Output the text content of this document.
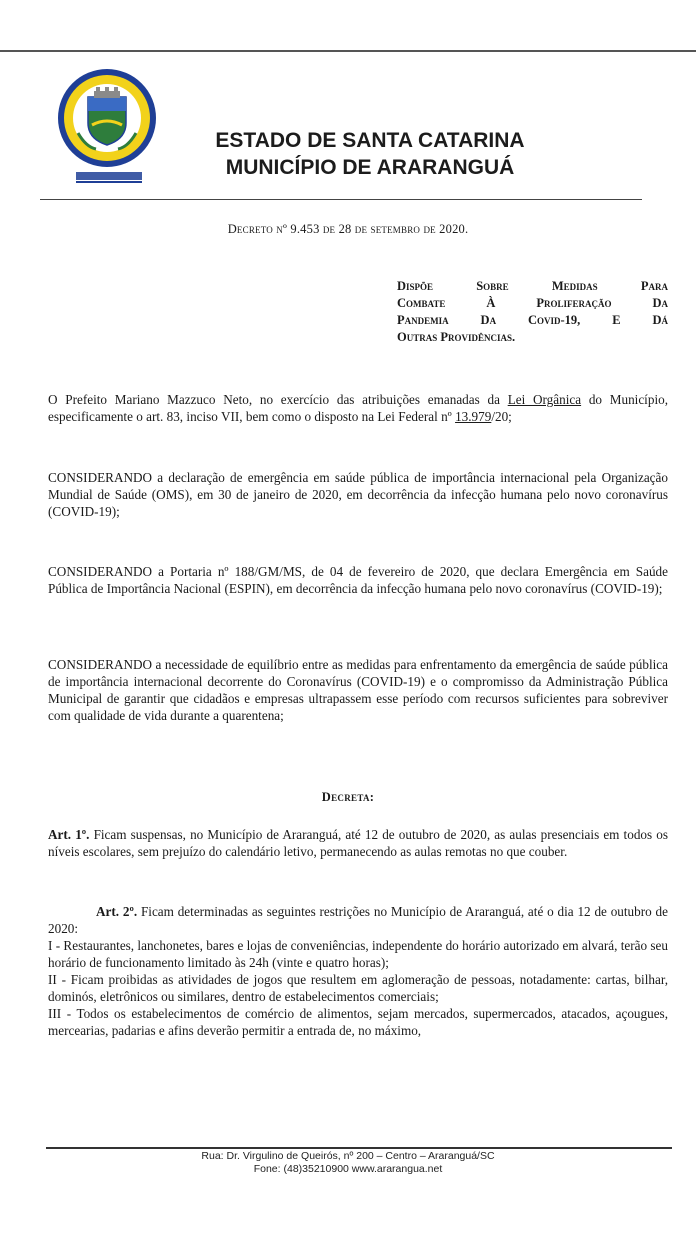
ESTADO DE SANTA CATARINA
MUNICÍPIO DE ARARANGUÁ
Decreto nº 9.453 de 28 de setembro de 2020.
Dispõe Sobre Medidas Para
Combate À Proliferação Da
Pandemia Da Covid-19, E Dá
Outras Providências.

O Prefeito Mariano Mazzuco Neto, no exercício das atribuições emanadas da Lei Orgânica do Município, especificamente o art. 83, inciso VII, bem como o disposto na Lei Federal nº 13.979/20;

CONSIDERANDO a declaração de emergência em saúde pública de importância internacional pela Organização Mundial de Saúde (OMS), em 30 de janeiro de 2020, em decorrência da infecção humana pelo novo coronavírus (COVID-19);

CONSIDERANDO a Portaria nº 188/GM/MS, de 04 de fevereiro de 2020, que declara Emergência em Saúde Pública de Importância Nacional (ESPIN), em decorrência da infecção humana pelo novo coronavírus (COVID-19);

CONSIDERANDO a necessidade de equilíbrio entre as medidas para enfrentamento da emergência de saúde pública de importância internacional decorrente do Coronavírus (COVID-19) e o compromisso da Administração Pública Municipal de garantir que cidadãos e empresas ultrapassem esse período com recursos suficientes para sobreviver com qualidade de vida durante a quarentena;

Decreta:

Art. 1º. Ficam suspensas, no Município de Araranguá, até 12 de outubro de 2020, as aulas presenciais em todos os níveis escolares, sem prejuízo do calendário letivo, permanecendo as aulas remotas no que couber.

Art. 2º. Ficam determinadas as seguintes restrições no Município de Araranguá, até o dia 12 de outubro de 2020:

I - Restaurantes, lanchonetes, bares e lojas de conveniências, independente do horário autorizado em alvará, terão seu horário de funcionamento limitado às 24h (vinte e quatro horas);

II - Ficam proibidas as atividades de jogos que resultem em aglomeração de pessoas, notadamente: cartas, bilhar, dominós, eletrônicos ou similares, dentro de estabelecimentos comerciais;

III - Todos os estabelecimentos de comércio de alimentos, sejam mercados, supermercados, atacados, açougues, mercearias, padarias e afins deverão permitir a entrada de, no máximo,

Rua: Dr. Virgulino de Queirós, nº 200 – Centro – Araranguá/SC
Fone: (48)35210900 www.ararangua.net
